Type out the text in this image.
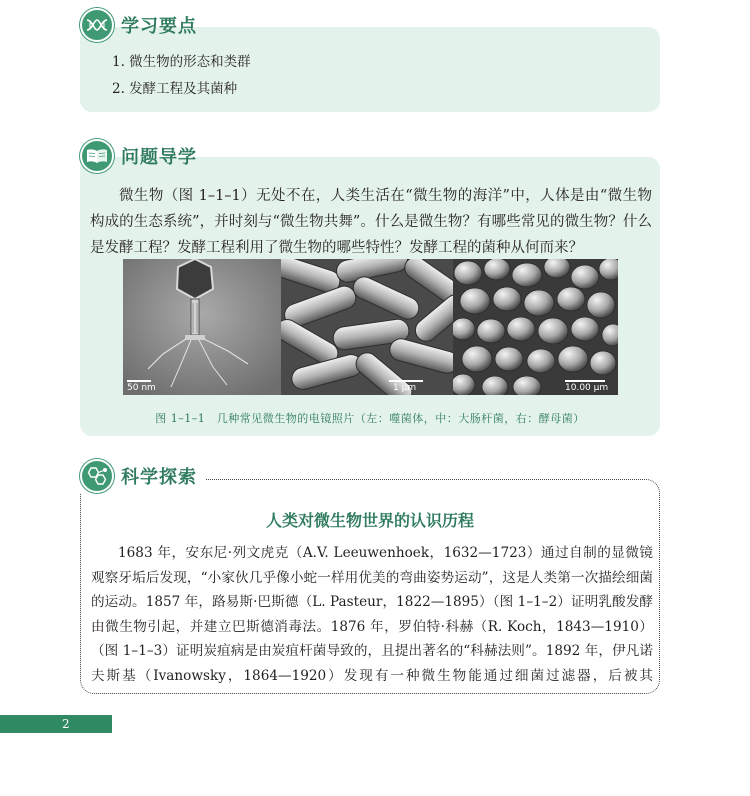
学习要点
1. 微生物的形态和类群
2. 发酵工程及其菌种
问题导学

微生物（图 1–1–1）无处不在，人类生活在“微生物的海洋”中，人体是由“微生物构成的生态系统”，并时刻与“微生物共舞”。什么是微生物？有哪些常见的微生物？什么是发酵工程？发酵工程利用了微生物的哪些特性？发酵工程的菌种从何而来？

50 nm	1 μm	10.00 μm

图 1–1–1　几种常见微生物的电镜照片（左：噬菌体，中：大肠杆菌，右：酵母菌）

人类对微生物世界的认识历程

1683 年，安东尼·列文虎克（A.V. Leeuwenhoek，1632—1723）通过自制的显微镜观察牙垢后发现，“小家伙几乎像小蛇一样用优美的弯曲姿势运动”，这是人类第一次描绘细菌的运动。1857 年，路易斯·巴斯德（L. Pasteur，1822—1895）（图 1–1–2）证明乳酸发酵由微生物引起，并建立巴斯德消毒法。1876 年，罗伯特·科赫（R. Koch，1843—1910）（图 1–1–3）证明炭疽病是由炭疽杆菌导致的，且提出著名的“科赫法则”。1892 年，伊凡诺夫斯基（Ivanowsky，1864—1920）发现有一种微生物能通过细菌过滤器，后被其

科学探索
2
